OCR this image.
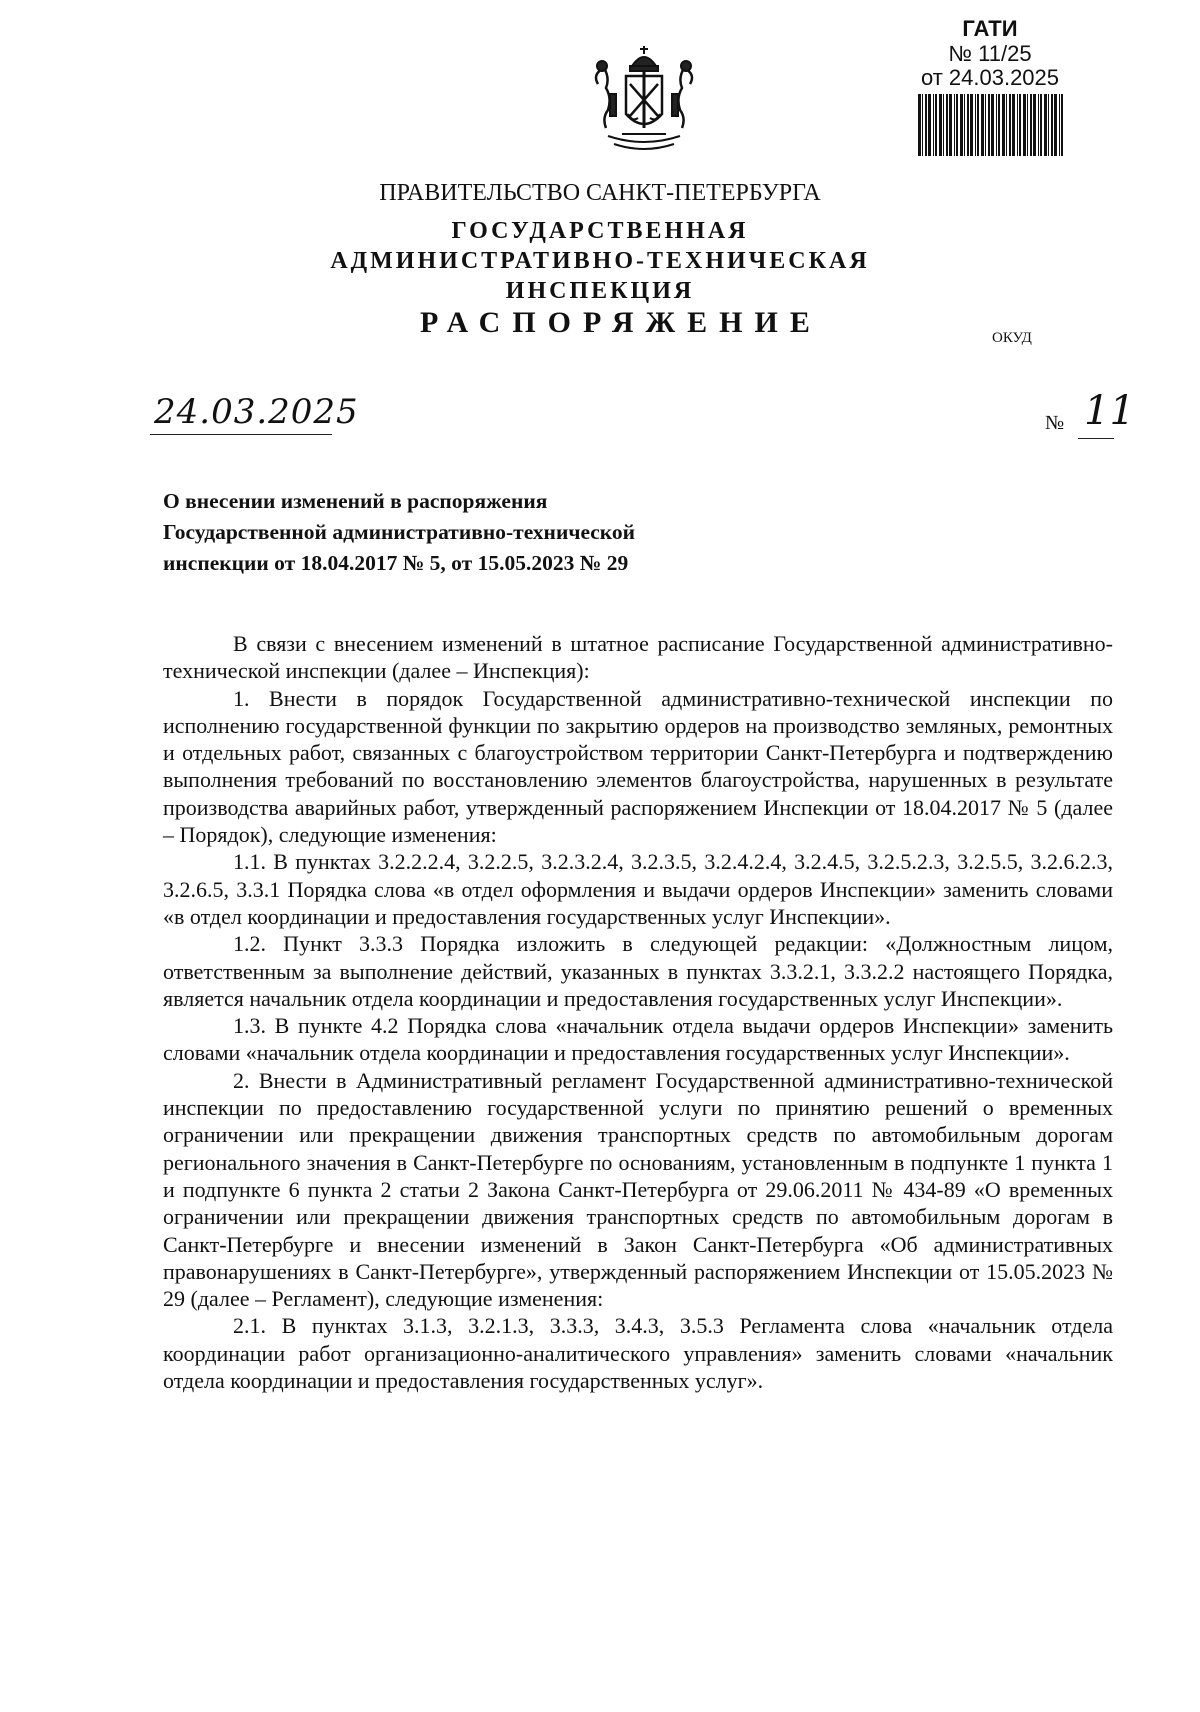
ГАТИ
№ 11/25
от 24.03.2025
ПРАВИТЕЛЬСТВО САНКТ-ПЕТЕРБУРГА
ГОСУДАРСТВЕННАЯ
АДМИНИСТРАТИВНО-ТЕХНИЧЕСКАЯ
ИНСПЕКЦИЯ
РАСПОРЯЖЕНИЕ	ОКУД
24.03.2025	№ 11
О внесении изменений в распоряжения
Государственной административно-технической
инспекции от 18.04.2017 № 5, от 15.05.2023 № 29

В связи с внесением изменений в штатное расписание Государственной административно-технической инспекции (далее – Инспекция):

1. Внести в порядок Государственной административно-технической инспекции по исполнению государственной функции по закрытию ордеров на производство земляных, ремонтных и отдельных работ, связанных с благоустройством территории Санкт-Петербурга и подтверждению выполнения требований по восстановлению элементов благоустройства, нарушенных в результате производства аварийных работ, утвержденный распоряжением Инспекции от 18.04.2017 № 5 (далее – Порядок), следующие изменения:

1.1. В пунктах 3.2.2.2.4, 3.2.2.5, 3.2.3.2.4, 3.2.3.5, 3.2.4.2.4, 3.2.4.5, 3.2.5.2.3, 3.2.5.5, 3.2.6.2.3, 3.2.6.5, 3.3.1 Порядка слова «в отдел оформления и выдачи ордеров Инспекции» заменить словами «в отдел координации и предоставления государственных услуг Инспекции».

1.2. Пункт 3.3.3 Порядка изложить в следующей редакции: «Должностным лицом, ответственным за выполнение действий, указанных в пунктах 3.3.2.1, 3.3.2.2 настоящего Порядка, является начальник отдела координации и предоставления государственных услуг Инспекции».

1.3. В пункте 4.2 Порядка слова «начальник отдела выдачи ордеров Инспекции» заменить словами «начальник отдела координации и предоставления государственных услуг Инспекции».

2. Внести в Административный регламент Государственной административно-технической инспекции по предоставлению государственной услуги по принятию решений о временных ограничении или прекращении движения транспортных средств по автомобильным дорогам регионального значения в Санкт-Петербурге по основаниям, установленным в подпункте 1 пункта 1 и подпункте 6 пункта 2 статьи 2 Закона Санкт-Петербурга от 29.06.2011 № 434-89 «О временных ограничении или прекращении движения транспортных средств по автомобильным дорогам в Санкт-Петербурге и внесении изменений в Закон Санкт-Петербурга «Об административных правонарушениях в Санкт-Петербурге», утвержденный распоряжением Инспекции от 15.05.2023 № 29 (далее – Регламент), следующие изменения:

2.1. В пунктах 3.1.3, 3.2.1.3, 3.3.3, 3.4.3, 3.5.3 Регламента слова «начальник отдела координации работ организационно-аналитического управления» заменить словами «начальник отдела координации и предоставления государственных услуг».
